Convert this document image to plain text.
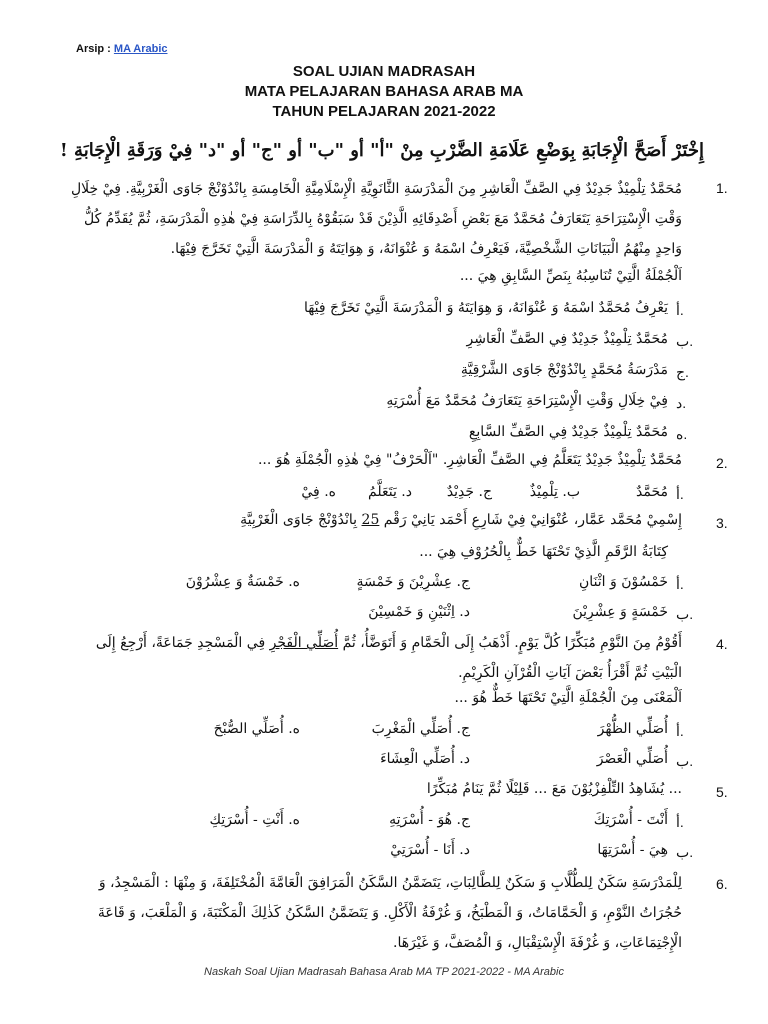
Arsip : MA Arabic
SOAL UJIAN MADRASAH
MATA PELAJARAN BAHASA ARAB MA
TAHUN PELAJARAN 2021-2022
إِخْتَرْ أَصَحَّ الْإِجَابَةِ بِوَضْعِ عَلَامَةِ الضَّرْبِ مِنْ "أ" أو "ب" أو "ج" أو "د" فِيْ وَرَقَةِ الْإِجَابَةِ !
1.
مُحَمَّدٌ تِلْمِيْذٌ جَدِيْدٌ فِي الصَّفِّ الْعَاشِرِ مِنَ الْمَدْرَسَةِ الثَّانَوِيَّةِ الْإِسْلَامِيَّةِ الْخَامِسَةِ بِانْدُوْنْجْ جَاوَى الْغَرْبِيَّةِ. فِيْ خِلَالِ وَقْتِ الْإِسْتِرَاحَةِ يَتَعَارَفُ مُحَمَّدٌ مَعَ بَعْضِ أَصْدِقَائِهِ الَّذِيْنَ قَدْ سَبَقُوْهُ بِالدِّرَاسَةِ فِيْ هٰذِهِ الْمَدْرَسَةِ، ثُمَّ يُقَدِّمُ كُلُّ وَاحِدٍ مِنْهُمُ الْبَيَانَاتِ الشَّخْصِيَّةَ، فَيَعْرِفُ اسْمَهُ وَ عُنْوَانَهُ، وَ هِوَايَتَهُ وَ الْمَدْرَسَةَ الَّتِيْ تَخَرَّجَ فِيْهَا.
اَلْجُمْلَةُ الَّتِيْ تُنَاسِبُهُ بِنَصِّ السَّابِقِ هِيَ ...
أ.
يَعْرِفُ مُحَمَّدٌ اسْمَهُ وَ عُنْوَانَهُ، وَ هِوَايَتَهُ وَ الْمَدْرَسَةَ الَّتِيْ تَخَرَّجَ فِيْهَا
ب.
مُحَمَّدٌ تِلْمِيْذٌ جَدِيْدٌ فِي الصَّفِّ الْعَاشِرِ
ج.
مَدْرَسَةُ مُحَمَّدٍ بِانْدُوْنْجْ جَاوَى الشَّرْقِيَّةِ
د.
فِيْ خِلَالِ وَقْتِ الْإِسْتِرَاحَةِ يَتَعَارَفُ مُحَمَّدٌ مَعَ أُسْرَتِهِ
ه.
مُحَمَّدٌ تِلْمِيْذٌ جَدِيْدٌ فِي الصَّفِّ السَّابِعِ
2.
مُحَمَّدٌ تِلْمِيْذٌ جَدِيْدٌ يَتَعَلَّمُ فِي الصَّفِّ الْعَاشِرِ. "اَلْحَرْفُ" فِيْ هٰذِهِ الْجُمْلَةِ هُوَ ...
أ.
مُحَمَّدٌ
ب. تِلْمِيْذٌ
ج. جَدِيْدٌ
د. يَتَعَلَّمُ
ه. فِيْ
3.
إِسْمِيْ مُحَمَّد عَمَّار، عُنْوَانِيْ فِيْ شَارِعِ أَحْمَد يَانِيْ رَقْم 25 بِانْدُوْنْجْ جَاوَى الْغَرْبِيَّةِ
كِتَابَةُ الرَّقَمِ الَّذِيْ تَحْتَهَا خَطٌّ بِالْحُرُوْفِ هِيَ ...
أ.
خَمْسُوْنَ وَ اثْنَانِ
ج. عِشْرِيْنَ وَ خَمْسَةٍ
ه. خَمْسَةٌ وَ عِشْرُوْنَ
ب.
خَمْسَةٍ وَ عِشْرِيْنَ
د. اِثْنَيْنِ وَ خَمْسِيْنَ
4.
أَقُوْمُ مِنَ النَّوْمِ مُبَكِّرًا كُلَّ يَوْمٍ. أَذْهَبُ إِلَى الْحَمَّامِ وَ أَتَوَضَّأُ، ثُمَّ أُصَلِّي الْفَجْرِ فِي الْمَسْجِدِ جَمَاعَةً، أَرْجِعُ إِلَى الْبَيْتِ ثُمَّ أَقْرَأُ بَعْضَ آيَاتِ الْقُرْآنِ الْكَرِيْمِ.
اَلْمَعْنَى مِنَ الْجُمْلَةِ الَّتِيْ تَحْتَهَا خَطٌّ هُوَ ...
أ.
أُصَلِّي الظُّهْرَ
ج. أُصَلِّي الْمَغْرِبَ
ه. أُصَلِّي الصُّبْحَ
ب.
أُصَلِّي الْعَصْرَ
د. أُصَلِّي الْعِشَاءَ
5.
... يُشَاهِدُ التِّلْفِزْيُوْنَ مَعَ ... قَلِيْلًا ثُمَّ يَنَامُ مُبَكِّرًا
أ.
أَنْتَ - أُسْرَتِكَ
ج. هُوَ - أُسْرَتِهِ
ه. أَنْتِ - أُسْرَتِكِ
ب.
هِيَ - أُسْرَتِهَا
د. أَنَا - أُسْرَتِيْ
6.
لِلْمَدْرَسَةِ سَكَنٌ لِلطُّلَّابِ وَ سَكَنٌ لِلطَّالِبَاتِ، يَتَضَمَّنُ السَّكَنُ الْمَرَافِقَ الْعَامَّةَ الْمُخْتَلِفَةَ، وَ مِنْهَا : الْمَسْجِدُ، وَ حُجُرَاتُ النَّوْمِ، وَ الْحَمَّامَاتُ، وَ الْمَطْبَخُ، وَ غُرْفَةُ الْأَكْلِ. وَ يَتَضَمَّنُ السَّكَنُ كَذٰلِكَ الْمَكْتَبَةَ، وَ الْمَلْعَبَ، وَ قَاعَةَ الْإِجْتِمَاعَاتِ، وَ غُرْفَةَ الْإِسْتِقْبَالِ، وَ الْمُصَفَّ، وَ غَيْرَهَا.
Naskah Soal Ujian Madrasah Bahasa Arab MA TP 2021-2022 - MA Arabic
